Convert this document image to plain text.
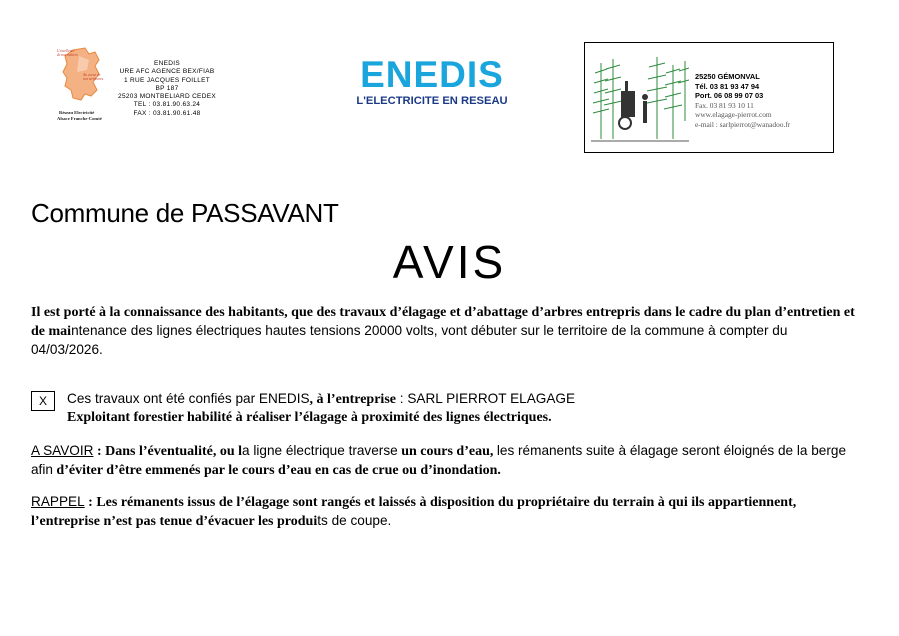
L'excellence
de nos métiers
Au coeur de
nos territoires
Réseau Electricité
Alsace Franche-Comté
ENEDIS
URE AFC AGENCE BEX/FIAB
1 RUE JACQUES FOILLET
BP 187
25203 MONTBELIARD CEDEX
TEL : 03.81.90.63.24
FAX : 03.81.90.61.48
ENEDIS
L'ELECTRICITE EN RESEAU
25250 GÉMONVAL
Tél. 03 81 93 47 94
Port. 06 08 99 07 03
Fax. 03 81 93 10 11
www.elagage-pierrot.com
e-mail : sarlpierrot@wanadoo.fr
Commune de PASSAVANT
AVIS
Il est porté à la connaissance des habitants, que des travaux d’élagage et d’abattage d’arbres entrepris dans le cadre du plan d’entretien et de maintenance des lignes électriques hautes tensions 20000 volts, vont débuter sur le territoire de la commune à compter du 04/03/2026.
X	Ces travaux ont été confiés par ENEDIS, à l’entreprise : SARL PIERROT ELAGAGE
Exploitant forestier habilité à réaliser l’élagage à proximité des lignes électriques.
A SAVOIR : Dans l’éventualité, ou la ligne électrique traverse un cours d’eau, les rémanents suite à élagage seront éloignés de la berge afin d’éviter d’être emmenés par le cours d’eau en cas de crue ou d’inondation.
RAPPEL : Les rémanents issus de l’élagage sont rangés et laissés à disposition du propriétaire du terrain à qui ils appartiennent, l’entreprise n’est pas tenue d’évacuer les produits de coupe.
